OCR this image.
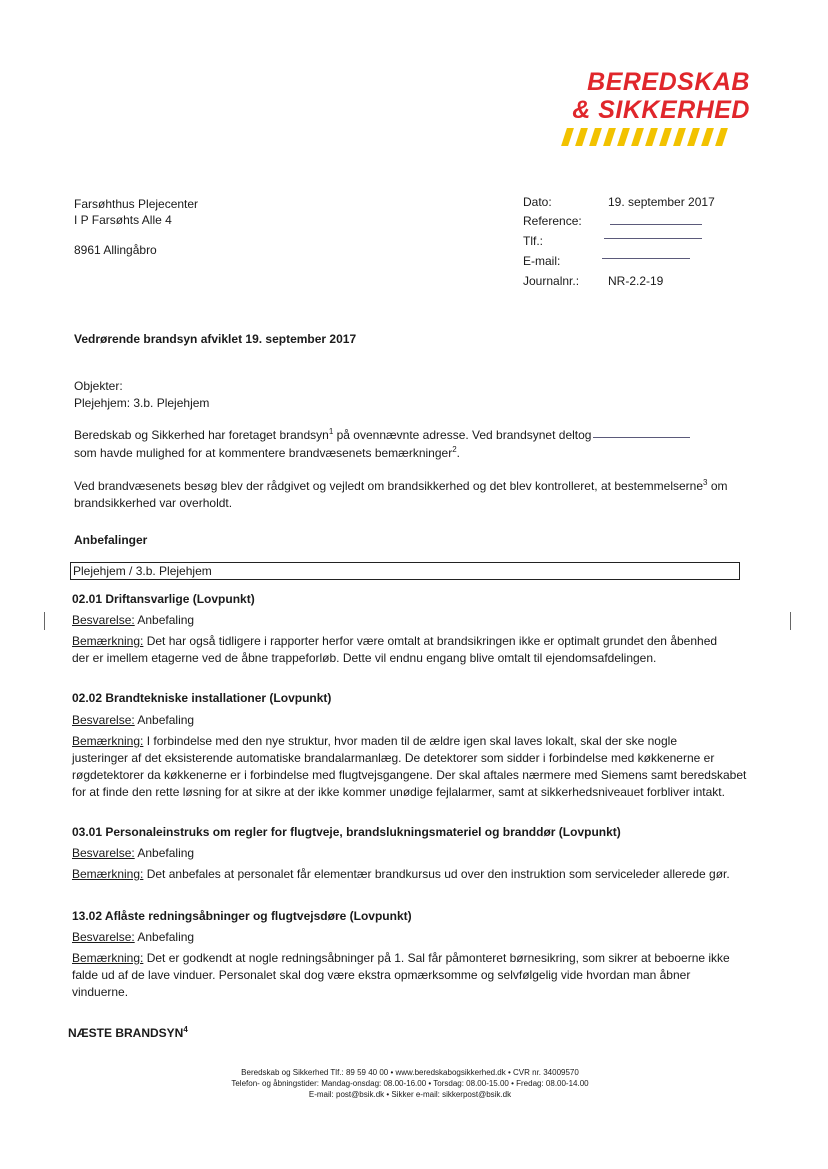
BEREDSKAB
& SIKKERHED
Farsøhthus Plejecenter
I P Farsøhts Alle 4
8961 Allingåbro
Dato:	19. september 2017
Reference:
Tlf.:
E-mail:
Journalnr.: NR-2.2-19
Vedrørende brandsyn afviklet 19. september 2017
Objekter:
Plejehjem: 3.b. Plejehjem
Beredskab og Sikkerhed har foretaget brandsyn$^1$ på ovennævnte adresse. Ved brandsynet deltog
som havde mulighed for at kommentere brandvæsenets bemærkninger$^2$.
Ved brandvæsenets besøg blev der rådgivet og vejledt om brandsikkerhed og det blev kontrolleret, at bestemmelserne$^3$ om
brandsikkerhed var overholdt.
Anbefalinger
Plejehjem / 3.b. Plejehjem
02.01 Driftansvarlige (Lovpunkt)
Besvarelse: Anbefaling
Bemærkning: Det har også tidligere i rapporter herfor være omtalt at brandsikringen ikke er optimalt grundet den åbenhed
der er imellem etagerne ved de åbne trappeforløb. Dette vil endnu engang blive omtalt til ejendomsafdelingen.
02.02 Brandtekniske installationer (Lovpunkt)
Besvarelse: Anbefaling
Bemærkning: I forbindelse med den nye struktur, hvor maden til de ældre igen skal laves lokalt, skal der ske nogle
justeringer af det eksisterende automatiske brandalarmanlæg. De detektorer som sidder i forbindelse med køkkenerne er
røgdetektorer da køkkenerne er i forbindelse med flugtvejsgangene. Der skal aftales nærmere med Siemens samt beredskabet
for at finde den rette løsning for at sikre at der ikke kommer unødige fejlalarmer, samt at sikkerhedsniveauet forbliver intakt.
03.01 Personaleinstruks om regler for flugtveje, brandslukningsmateriel og branddør (Lovpunkt)
Besvarelse: Anbefaling
Bemærkning: Det anbefales at personalet får elementær brandkursus ud over den instruktion som serviceleder allerede gør.
13.02 Aflåste redningsåbninger og flugtvejsdøre (Lovpunkt)
Besvarelse: Anbefaling
Bemærkning: Det er godkendt at nogle redningsåbninger på 1. Sal får påmonteret børnesikring, som sikrer at beboerne ikke
falde ud af de lave vinduer. Personalet skal dog være ekstra opmærksomme og selvfølgelig vide hvordan man åbner
vinduerne.
NÆSTE BRANDSYN$^4$
Beredskab og Sikkerhed Tlf.: 89 59 40 00 • www.beredskabogsikkerhed.dk • CVR nr. 34009570
Telefon- og åbningstider: Mandag-onsdag: 08.00-16.00 • Torsdag: 08.00-15.00 • Fredag: 08.00-14.00
E-mail: post@bsik.dk • Sikker e-mail: sikkerpost@bsik.dk
